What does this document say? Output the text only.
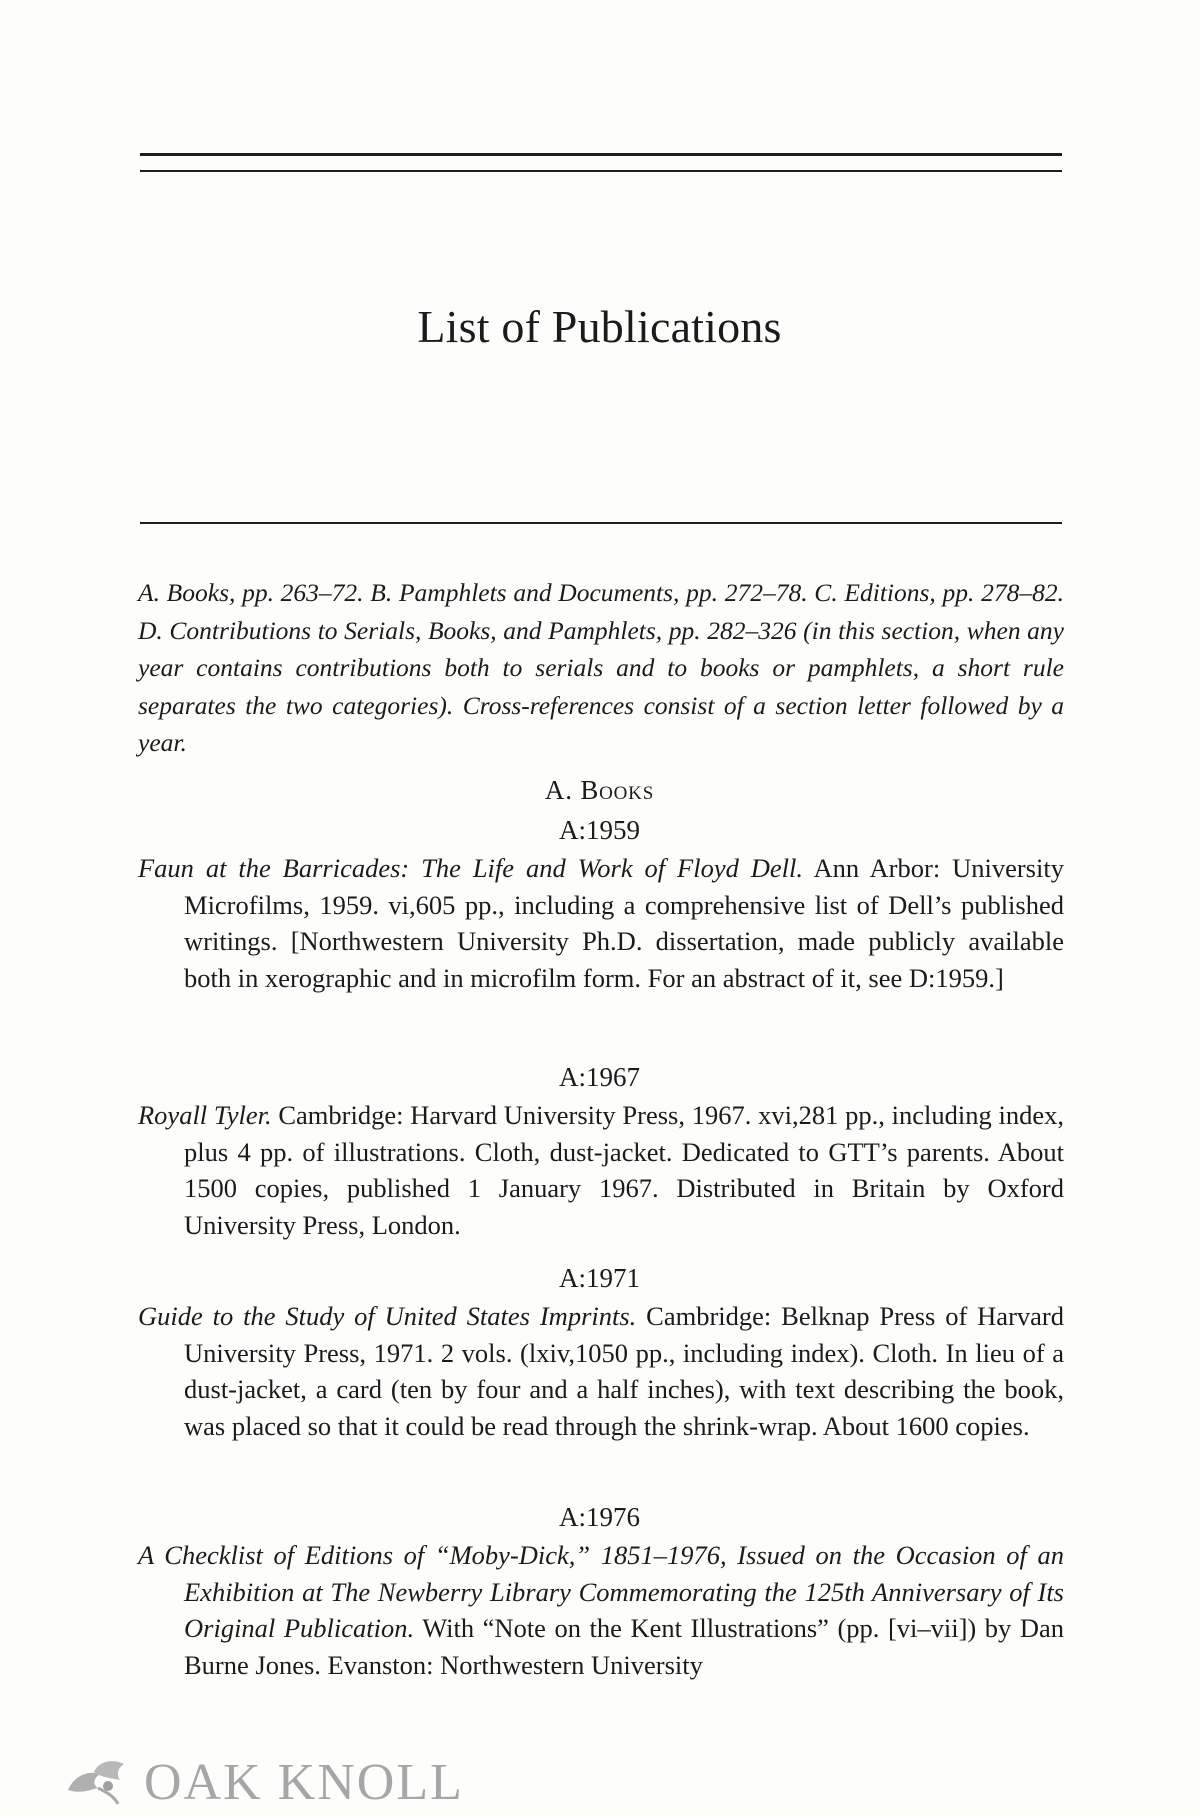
List of Publications

A. Books, pp. 263–72. B. Pamphlets and Documents, pp. 272–78. C. Editions, pp. 278–82. D. Contributions to Serials, Books, and Pamphlets, pp. 282–326 (in this section, when any year contains contributions both to serials and to books or pamphlets, a short rule separates the two categories). Cross-references consist of a section letter followed by a year.

A. Books
A:1959

Faun at the Barricades: The Life and Work of Floyd Dell. Ann Arbor: University Microfilms, 1959. vi,605 pp., including a comprehensive list of Dell’s published writings. [Northwestern University Ph.D. dissertation, made publicly available both in xerographic and in microfilm form. For an abstract of it, see D:1959.]

A:1967

Royall Tyler. Cambridge: Harvard University Press, 1967. xvi,281 pp., including index, plus 4 pp. of illustrations. Cloth, dust-jacket. Dedicated to GTT’s parents. About 1500 copies, published 1 January 1967. Distributed in Britain by Oxford University Press, London.

A:1971

Guide to the Study of United States Imprints. Cambridge: Belknap Press of Harvard University Press, 1971. 2 vols. (lxiv,1050 pp., including index). Cloth. In lieu of a dust-jacket, a card (ten by four and a half inches), with text describing the book, was placed so that it could be read through the shrink-wrap. About 1600 copies.

A:1976

A Checklist of Editions of “Moby-Dick,” 1851–1976, Issued on the Occasion of an Exhibition at The Newberry Library Commemorating the 125th Anniversary of Its Original Publication. With “Note on the Kent Illustrations” (pp. [vi–vii]) by Dan Burne Jones. Evanston: Northwestern University

OAK KNOLL
